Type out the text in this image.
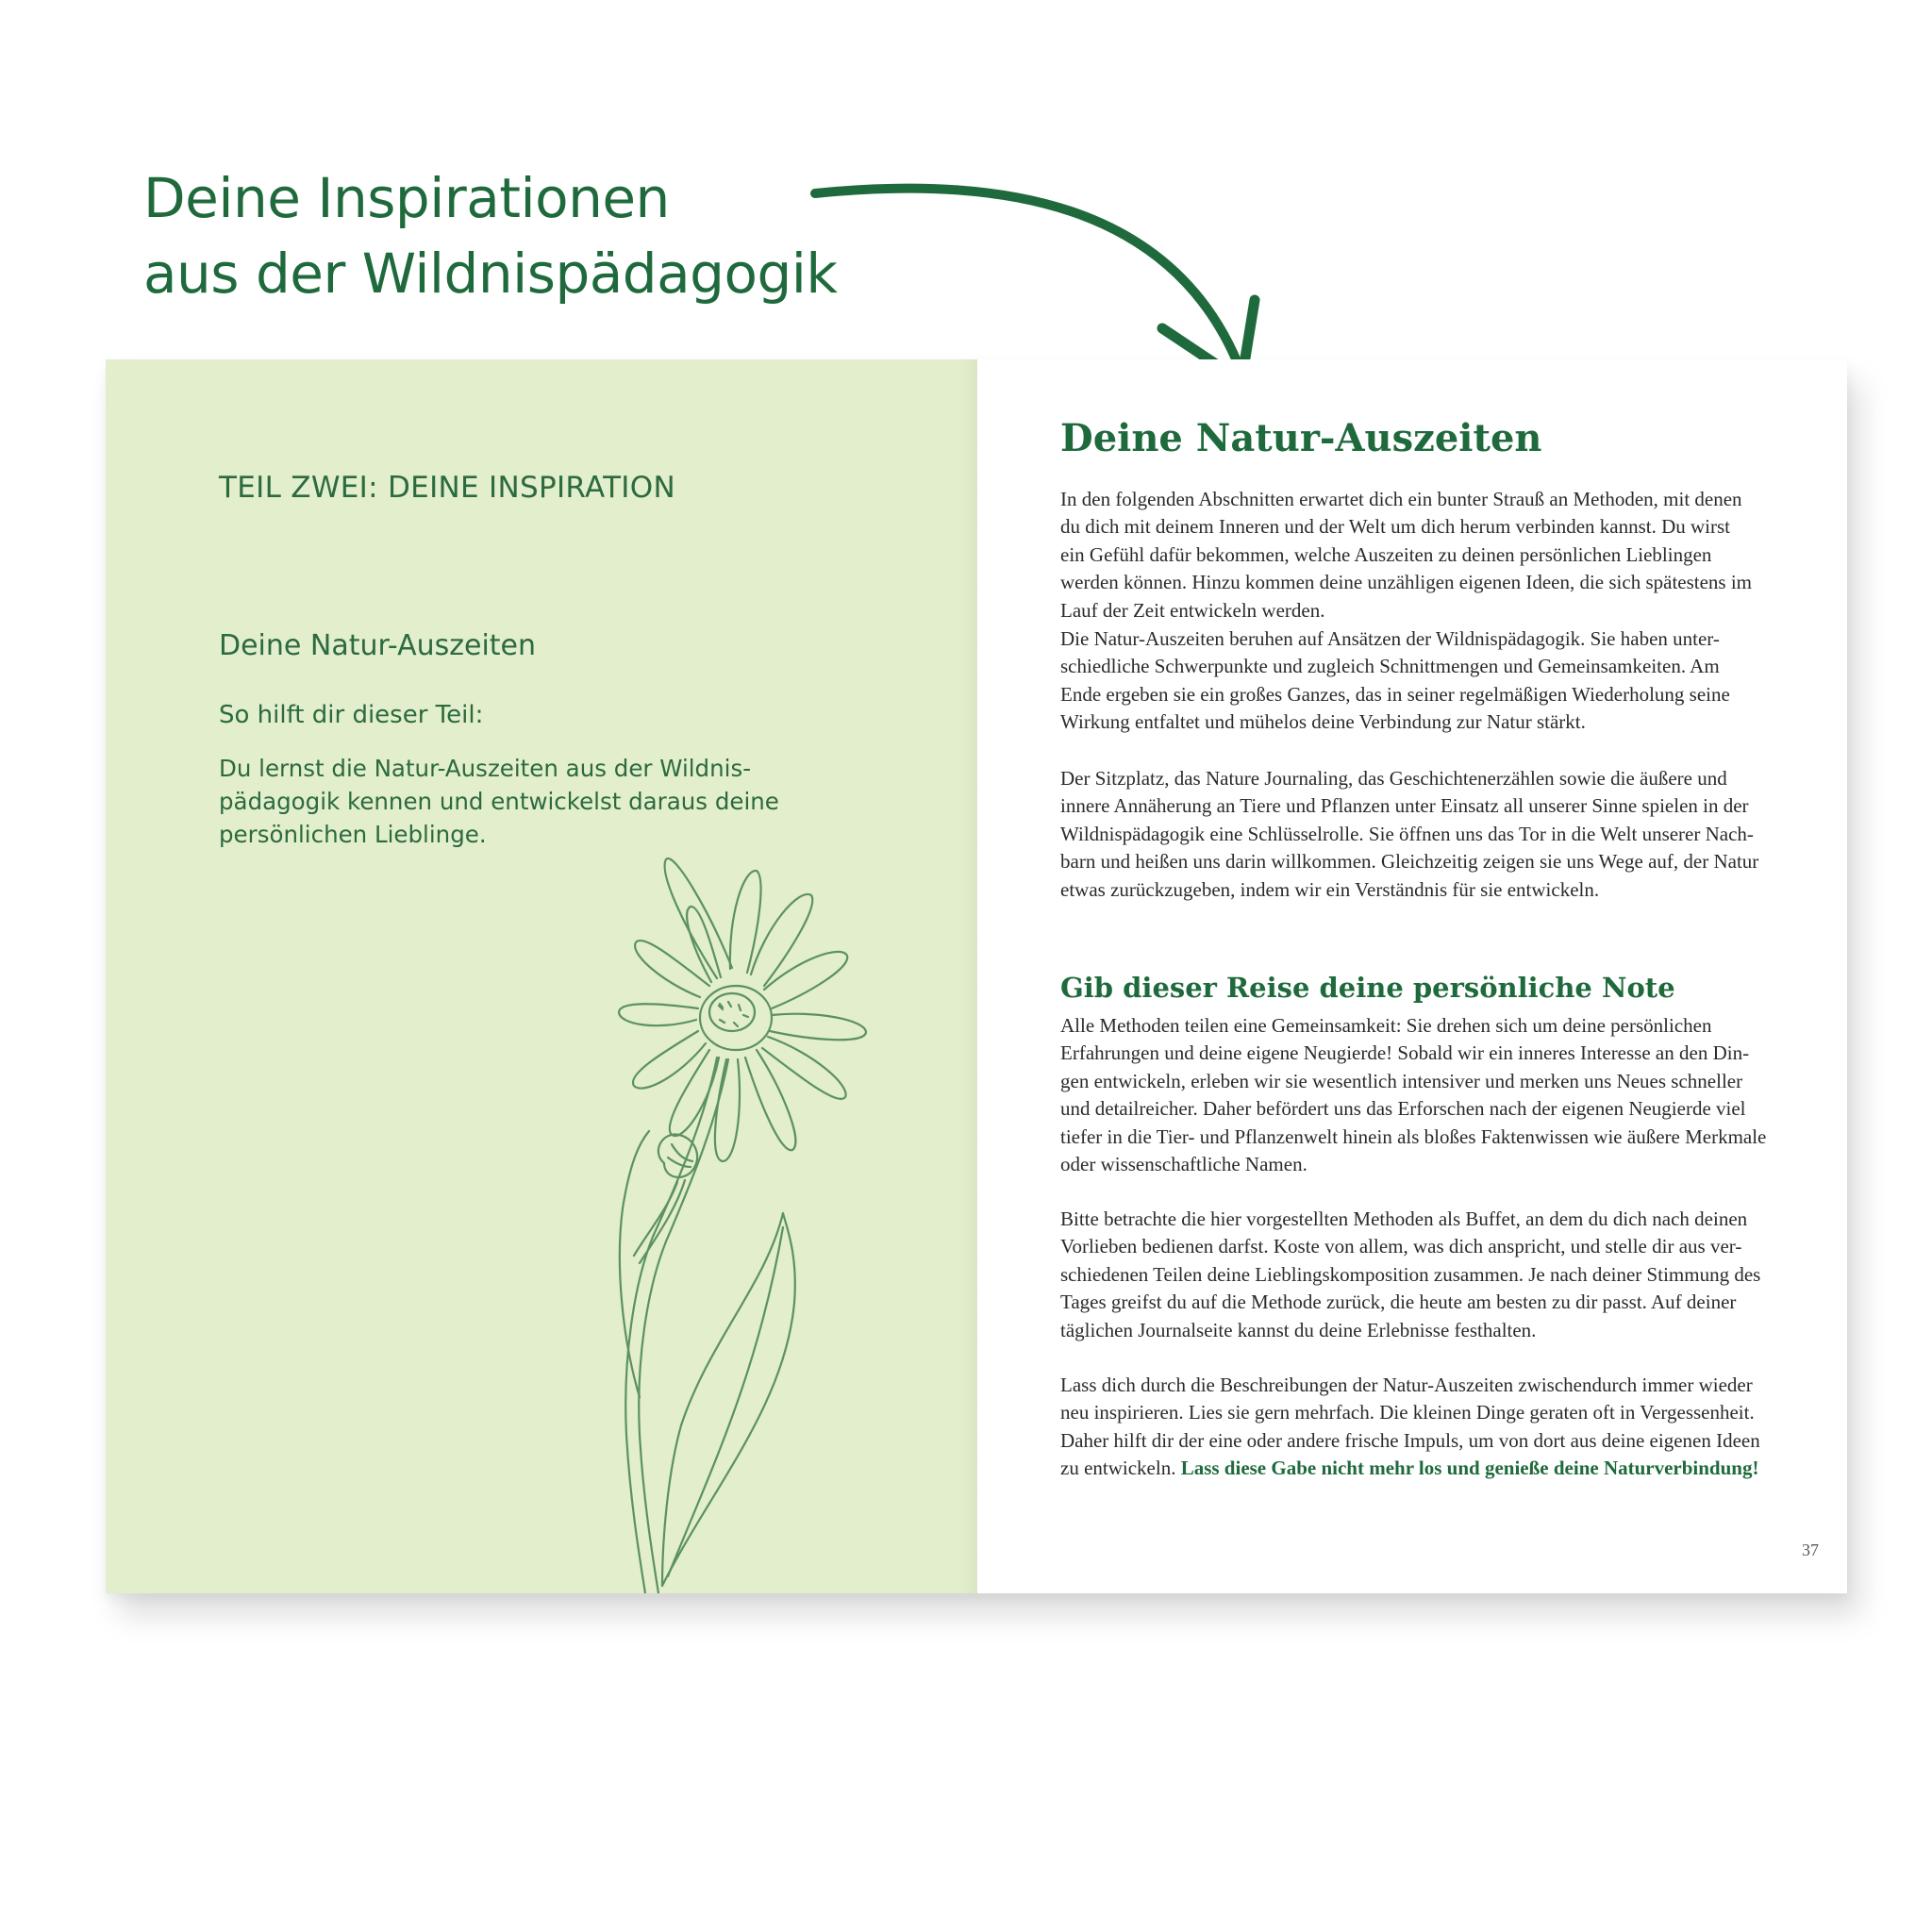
Deine Inspirationen
aus der Wildnispädagogik
TEIL ZWEI: DEINE INSPIRATION
Deine Natur-Auszeiten

So hilft dir dieser Teil:

Du lernst die Natur-Auszeiten aus der Wildnis-
pädagogik kennen und entwickelst daraus deine
persönlichen Lieblinge.

Deine Natur-Auszeiten

In den folgenden Abschnitten erwartet dich ein bunter Strauß an Methoden, mit denen
du dich mit deinem Inneren und der Welt um dich herum verbinden kannst. Du wirst
ein Gefühl dafür bekommen, welche Auszeiten zu deinen persönlichen Lieblingen
werden können. Hinzu kommen deine unzähligen eigenen Ideen, die sich spätestens im
Lauf der Zeit entwickeln werden.

Die Natur-Auszeiten beruhen auf Ansätzen der Wildnispädagogik. Sie haben unter-
schiedliche Schwerpunkte und zugleich Schnittmengen und Gemeinsamkeiten. Am
Ende ergeben sie ein großes Ganzes, das in seiner regelmäßigen Wiederholung seine
Wirkung entfaltet und mühelos deine Verbindung zur Natur stärkt.

Der Sitzplatz, das Nature Journaling, das Geschichtenerzählen sowie die äußere und
innere Annäherung an Tiere und Pflanzen unter Einsatz all unserer Sinne spielen in der
Wildnispädagogik eine Schlüsselrolle. Sie öffnen uns das Tor in die Welt unserer Nach-
barn und heißen uns darin willkommen. Gleichzeitig zeigen sie uns Wege auf, der Natur
etwas zurückzugeben, indem wir ein Verständnis für sie entwickeln.

Gib dieser Reise deine persönliche Note

Alle Methoden teilen eine Gemeinsamkeit: Sie drehen sich um deine persönlichen
Erfahrungen und deine eigene Neugierde! Sobald wir ein inneres Interesse an den Din-
gen entwickeln, erleben wir sie wesentlich intensiver und merken uns Neues schneller
und detailreicher. Daher befördert uns das Erforschen nach der eigenen Neugierde viel
tiefer in die Tier- und Pflanzenwelt hinein als bloßes Faktenwissen wie äußere Merkmale
oder wissenschaftliche Namen.

Bitte betrachte die hier vorgestellten Methoden als Buffet, an dem du dich nach deinen
Vorlieben bedienen darfst. Koste von allem, was dich anspricht, und stelle dir aus ver-
schiedenen Teilen deine Lieblingskomposition zusammen. Je nach deiner Stimmung des
Tages greifst du auf die Methode zurück, die heute am besten zu dir passt. Auf deiner
täglichen Journalseite kannst du deine Erlebnisse festhalten.

Lass dich durch die Beschreibungen der Natur-Auszeiten zwischendurch immer wieder
neu inspirieren. Lies sie gern mehrfach. Die kleinen Dinge geraten oft in Vergessenheit.
Daher hilft dir der eine oder andere frische Impuls, um von dort aus deine eigenen Ideen
zu entwickeln. Lass diese Gabe nicht mehr los und genieße deine Naturverbindung!

37
